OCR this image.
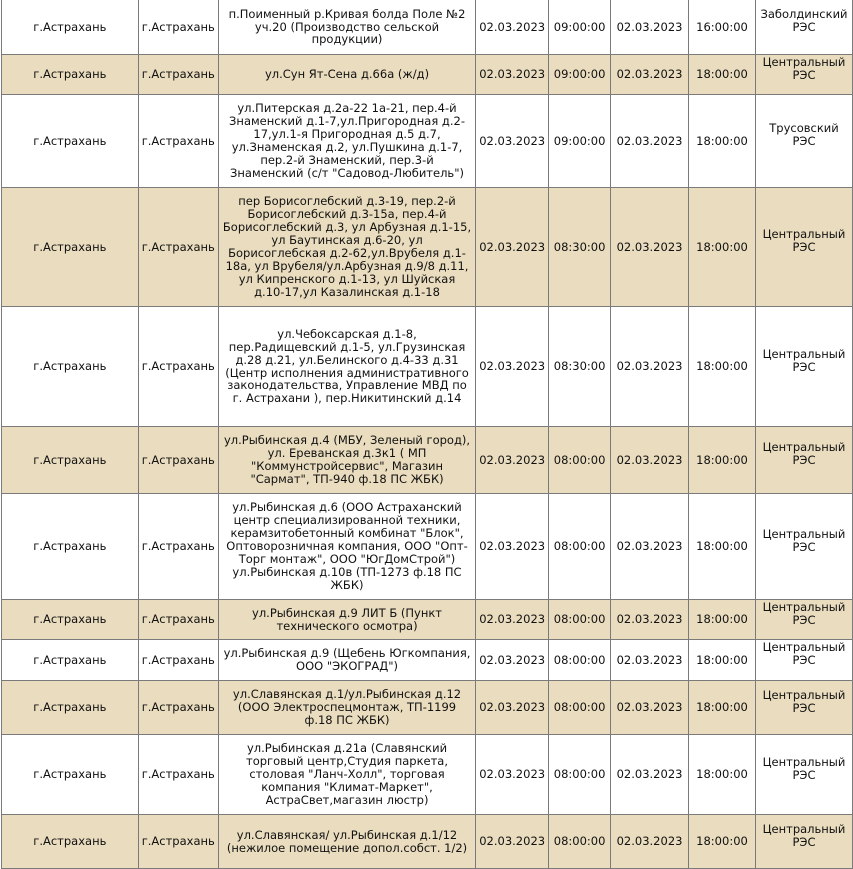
г.Астрахань	г.Астрахань	п.Поименный р.Кривая болда Поле №2 уч.20 (Производство сельской продукции)	02.03.2023	09:00:00	02.03.2023	16:00:00	Заболдинский РЭС

г.Астрахань	г.Астрахань	ул.Сун Ят-Сена д.66а (ж/д)	02.03.2023	09:00:00	02.03.2023	18:00:00	Центральный РЭС

г.Астрахань	г.Астрахань	ул.Питерская д.2а-22 1а-21, пер.4-й Знаменский д.1-7,ул.Пригородная д.2-17,ул.1-я Пригородная д.5 д.7, ул.Знаменская д.2, ул.Пушкина д.1-7, пер.2-й Знаменский, пер.3-й Знаменский (с/т "Садовод-Любитель")	02.03.2023	09:00:00	02.03.2023	18:00:00	Трусовский РЭС

г.Астрахань	г.Астрахань	пер Борисоглебский д.3-19, пер.2-й Борисоглебский д.3-15а, пер.4-й Борисоглебский д.3, ул Арбузная д.1-15, ул Баутинская д.6-20, ул Борисоглебская д.2-62,ул.Врубеля д.1-18а, ул Врубеля/ул.Арбузная д.9/8 д.11, ул Кипренского д.1-13, ул Шуйская д.10-17,ул Казалинская д.1-18	02.03.2023	08:30:00	02.03.2023	18:00:00	Центральный РЭС

г.Астрахань	г.Астрахань	ул.Чебоксарская д.1-8, пер.Радищевский д.1-5, ул.Грузинская д.28 д.21, ул.Белинского д.4-33 д.31 (Центр исполнения административного законодательства, Управление МВД по г. Астрахани ), пер.Никитинский д.14	02.03.2023	08:30:00	02.03.2023	18:00:00	Центральный РЭС

г.Астрахань	г.Астрахань	ул.Рыбинская д.4 (МБУ, Зеленый город), ул. Ереванская д.3к1 ( МП "Коммунстройсервис", Магазин "Сармат", ТП-940 ф.18 ПС ЖБК)	02.03.2023	08:00:00	02.03.2023	18:00:00	Центральный РЭС

г.Астрахань	г.Астрахань	ул.Рыбинская д.6 (ООО Астраханский центр специализированной техники, керамзитобетонный комбинат "Блок", Оптоворозничная компания, ООО "Опт-Торг монтаж", ООО "ЮгДомСтрой") ул.Рыбинская д.10в (ТП-1273 ф.18 ПС ЖБК)	02.03.2023	08:00:00	02.03.2023	18:00:00	Центральный РЭС

г.Астрахань	г.Астрахань	ул.Рыбинская д.9 ЛИТ Б (Пункт технического осмотра)	02.03.2023	08:00:00	02.03.2023	18:00:00	Центральный РЭС

г.Астрахань	г.Астрахань	ул.Рыбинская д.9 (Щебень Югкомпания, ООО "ЭКОГРАД")	02.03.2023	08:00:00	02.03.2023	18:00:00	Центральный РЭС

г.Астрахань	г.Астрахань	ул.Славянская д.1/ул.Рыбинская д.12 (ООО Электроспецмонтаж, ТП-1199 ф.18 ПС ЖБК)	02.03.2023	08:00:00	02.03.2023	18:00:00	Центральный РЭС

г.Астрахань	г.Астрахань	ул.Рыбинская д.21а (Славянский торговый центр,Студия паркета, столовая "Ланч-Холл", торговая компания "Климат-Маркет", АстраСвет,магазин люстр)	02.03.2023	08:00:00	02.03.2023	18:00:00	Центральный РЭС

г.Астрахань	г.Астрахань	ул.Славянская/ ул.Рыбинская д.1/12 (нежилое помещение допол.собст. 1/2)	02.03.2023	08:00:00	02.03.2023	18:00:00	Центральный РЭС
